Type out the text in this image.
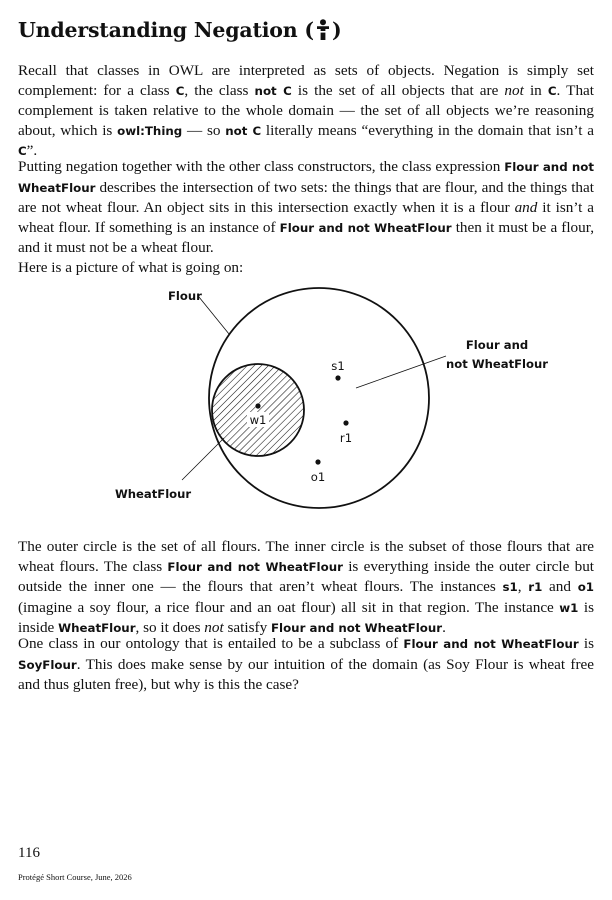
Understanding Negation ( )

Recall that classes in OWL are interpreted as sets of objects. Negation is simply set complement: for a class C, the class not C is the set of all objects that are not in C. That complement is taken relative to the whole domain — the set of all objects we’re reasoning about, which is owl:Thing — so not C literally means “everything in the domain that isn’t a C”.

Putting negation together with the other class constructors, the class expression Flour and not WheatFlour describes the intersection of two sets: the things that are flour, and the things that are not wheat flour. An object sits in this intersection exactly when it is a flour and it isn’t a wheat flour. If something is an instance of Flour and not WheatFlour then it must be a flour, and it must not be a wheat flour.

Here is a picture of what is going on:

Flour
Flour and
not WheatFlour
WheatFlour
s1
w1
r1
o1

The outer circle is the set of all flours. The inner circle is the subset of those flours that are wheat flours. The class Flour and not WheatFlour is everything inside the outer circle but outside the inner one — the flours that aren’t wheat flours. The instances s1, r1 and o1 (imagine a soy flour, a rice flour and an oat flour) all sit in that region. The instance w1 is inside WheatFlour, so it does not satisfy Flour and not WheatFlour.

One class in our ontology that is entailed to be a subclass of Flour and not WheatFlour is SoyFlour. This does make sense by our intuition of the domain (as Soy Flour is wheat free and thus gluten free), but why is this the case?

116

Protégé Short Course, June, 2026
